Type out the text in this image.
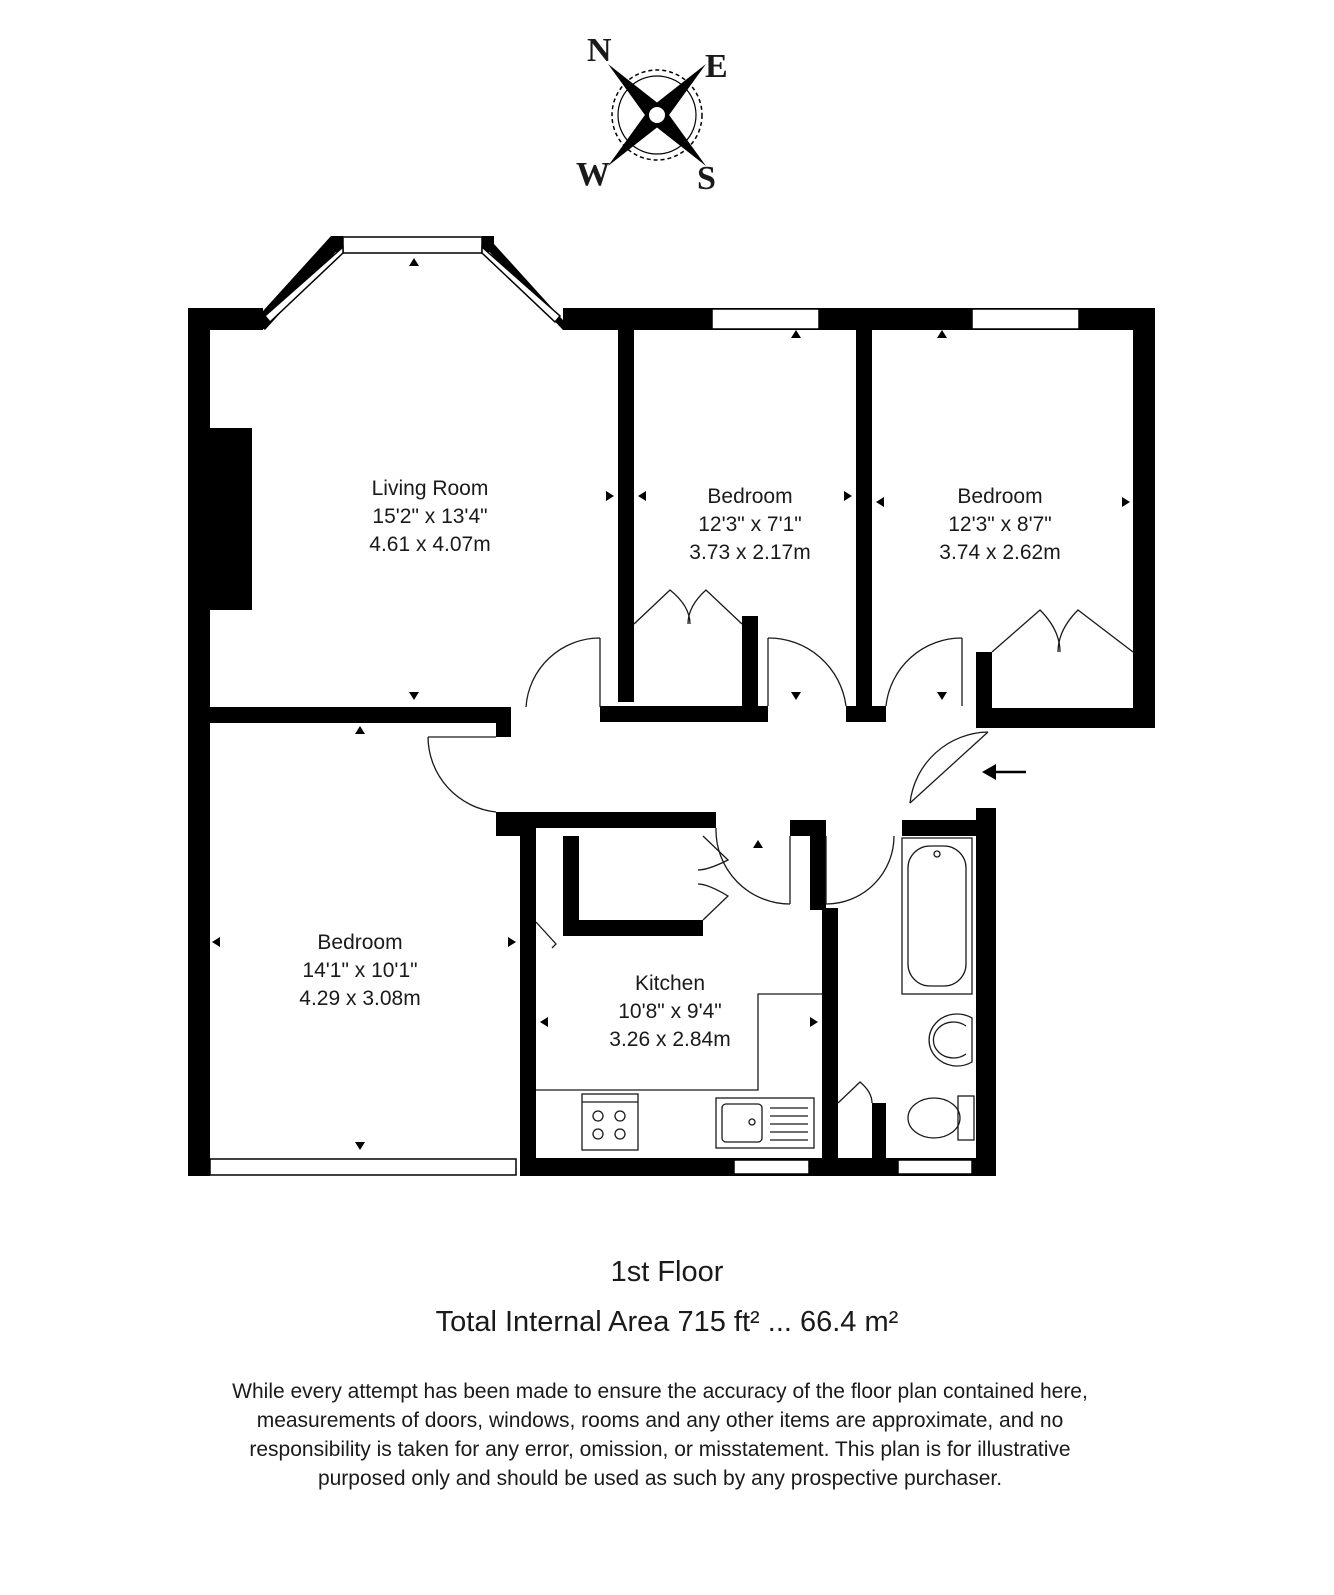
N	E
S
W
Living Room
15'2" x 13'4"
4.61 x 4.07m
Bedroom
12'3" x 7'1"
3.73 x 2.17m
Bedroom
12'3" x 8'7"
3.74 x 2.62m
Bedroom
14'1" x 10'1"
4.29 x 3.08m
Kitchen
10'8" x 9'4"
3.26 x 2.84m
1st Floor
Total Internal Area 715 ft² ... 66.4 m²
While every attempt has been made to ensure the accuracy of the floor plan contained here, measurements of doors, windows, rooms and any other items are approximate, and no responsibility is taken for any error, omission, or misstatement. This plan is for illustrative purposed only and should be used as such by any prospective purchaser.
